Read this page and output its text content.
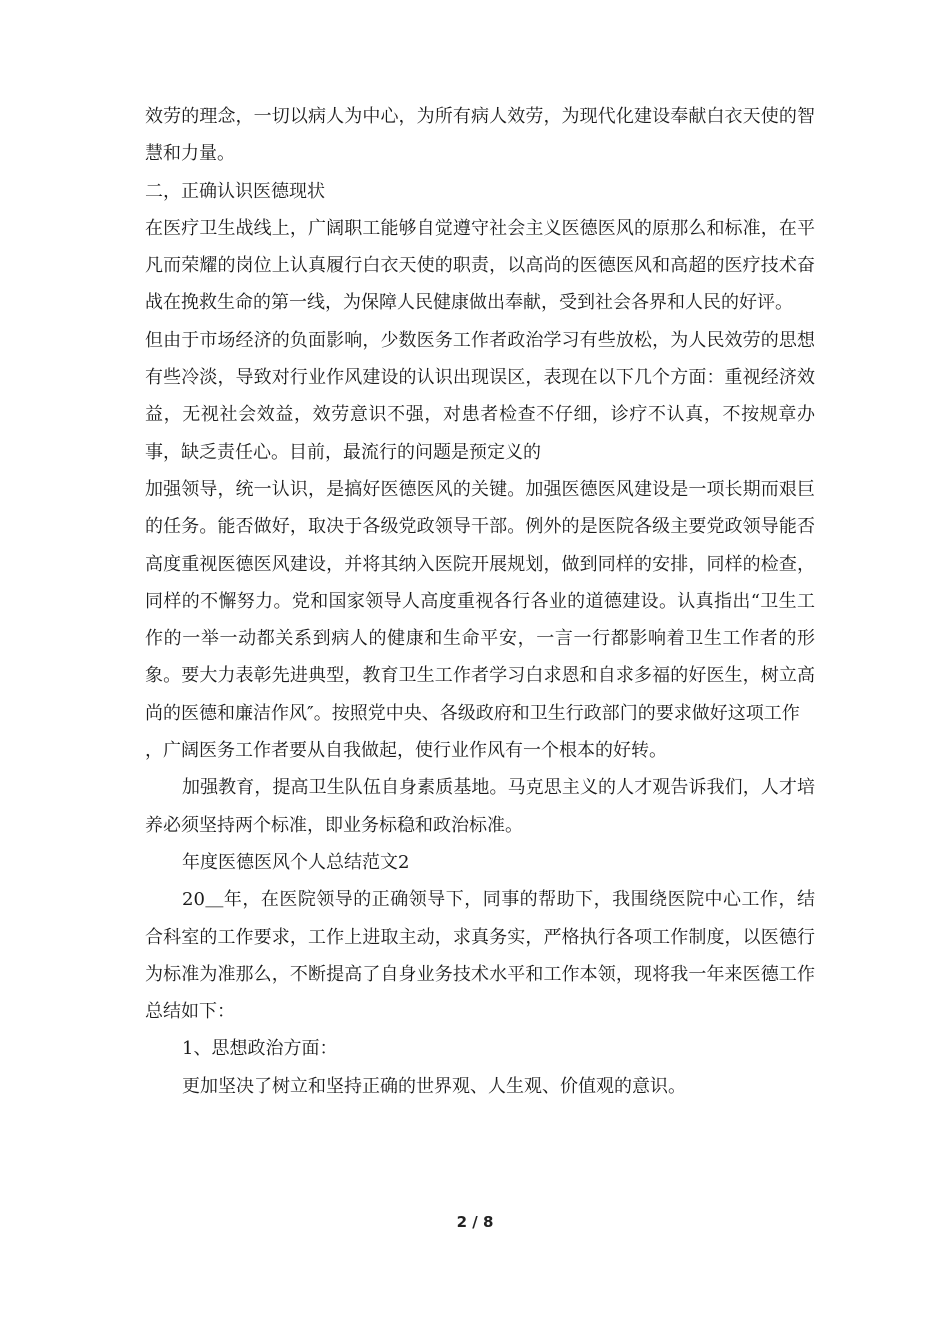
效劳的理念，一切以病人为中心，为所有病人效劳，为现代化建设奉献白衣天使的智慧和力量。

二，正确认识医德现状

在医疗卫生战线上，广阔职工能够自觉遵守社会主义医德医风的原那么和标准，在平凡而荣耀的岗位上认真履行白衣天使的职责，以高尚的医德医风和高超的医疗技术奋战在挽救生命的第一线，为保障人民健康做出奉献，受到社会各界和人民的好评。

但由于市场经济的负面影响，少数医务工作者政治学习有些放松，为人民效劳的思想有些冷淡，导致对行业作风建设的认识出现误区，表现在以下几个方面：重视经济效益，无视社会效益，效劳意识不强，对患者检查不仔细，诊疗不认真，不按规章办事，缺乏责任心。目前，最流行的问题是预定义的

加强领导，统一认识，是搞好医德医风的关键。加强医德医风建设是一项长期而艰巨的任务。能否做好，取决于各级党政领导干部。例外的是医院各级主要党政领导能否高度重视医德医风建设，并将其纳入医院开展规划，做到同样的安排，同样的检查，同样的不懈努力。党和国家领导人高度重视各行各业的道德建设。认真指出“卫生工作的一举一动都关系到病人的健康和生命平安，一言一行都影响着卫生工作者的形象。要大力表彰先进典型，教育卫生工作者学习白求恩和自求多福的好医生，树立高尚的医德和廉洁作风″。按照党中央、各级政府和卫生行政部门的要求做好这项工作

，广阔医务工作者要从自我做起，使行业作风有一个根本的好转。

加强教育，提高卫生队伍自身素质基地。马克思主义的人才观告诉我们，人才培养必须坚持两个标准，即业务标稳和政治标准。

年度医德医风个人总结范文2

20＿年，在医院领导的正确领导下，同事的帮助下，我围绕医院中心工作，结合科室的工作要求，工作上进取主动，求真务实，严格执行各项工作制度，以医德行为标准为准那么，不断提高了自身业务技术水平和工作本领，现将我一年来医德工作总结如下：

1、思想政治方面：

更加坚决了树立和坚持正确的世界观、人生观、价值观的意识。

2 / 8
